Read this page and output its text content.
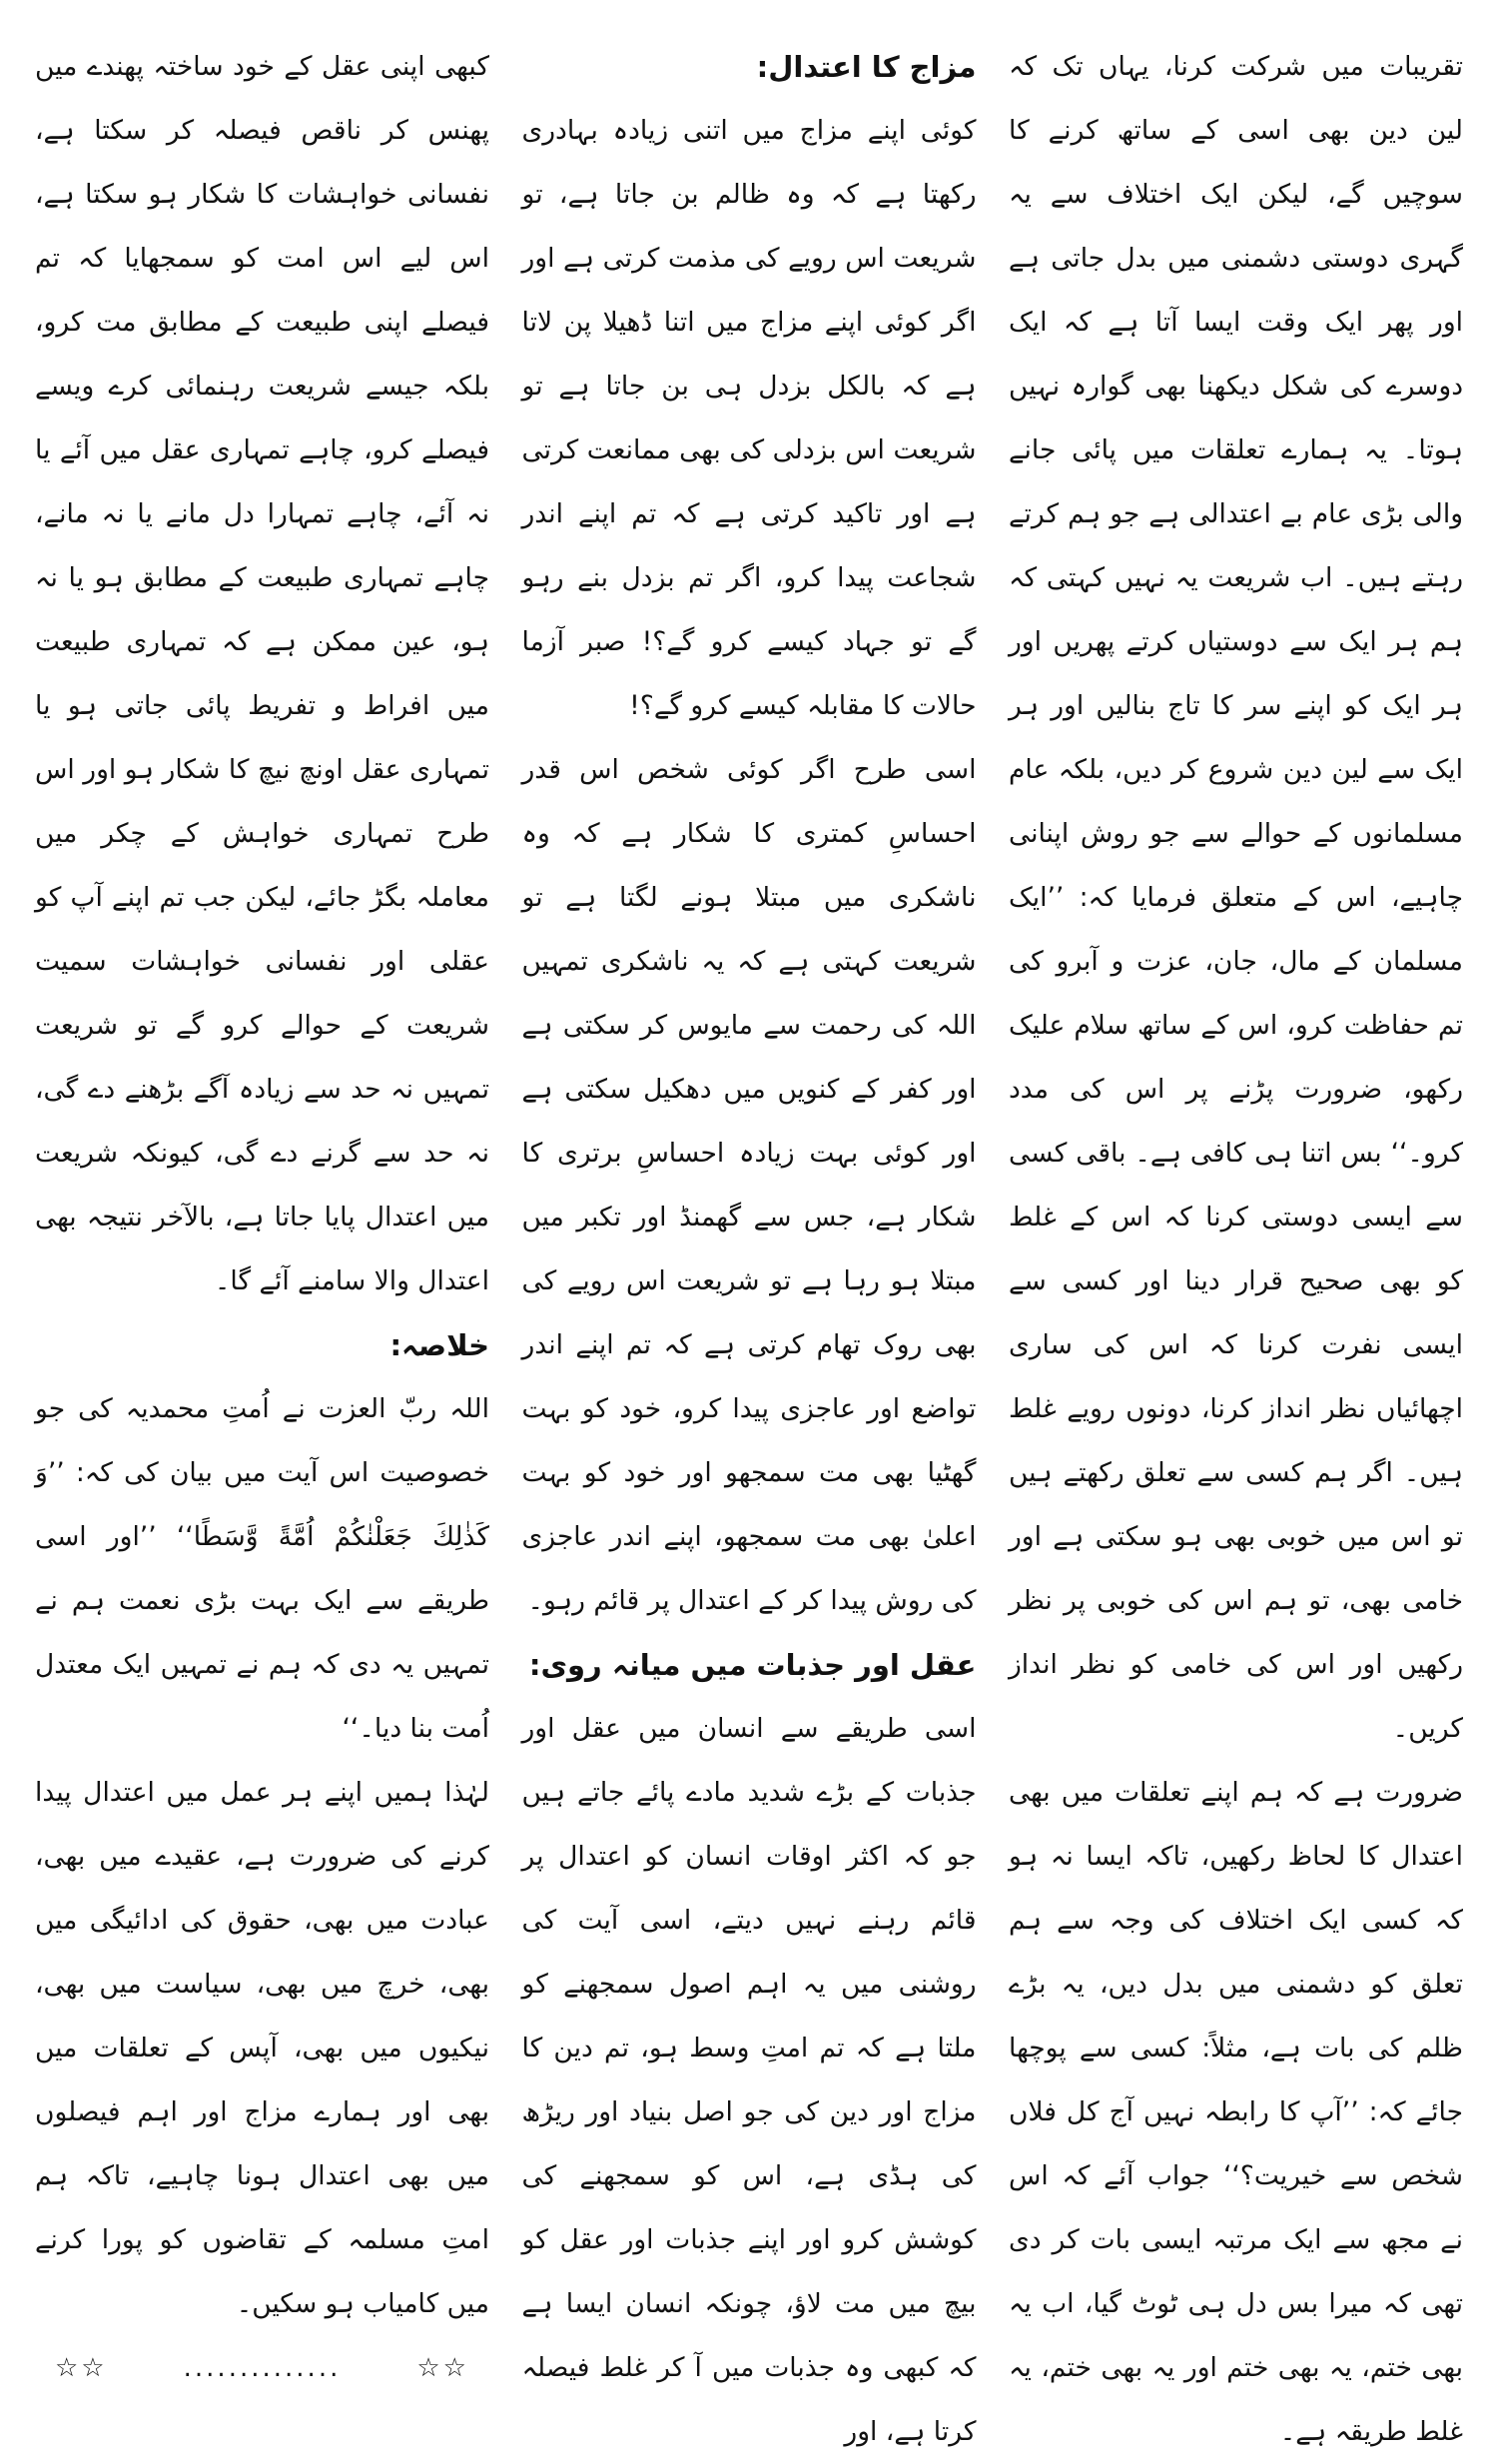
تقریبات میں شرکت کرنا، یہاں تک کہ لین دین بھی اسی کے ساتھ کرنے کا سوچیں گے، لیکن ایک اختلاف سے یہ گہری دوستی دشمنی میں بدل جاتی ہے اور پھر ایک وقت ایسا آتا ہے کہ ایک دوسرے کی شکل دیکھنا بھی گوارہ نہیں ہوتا۔ یہ ہمارے تعلقات میں پائی جانے والی بڑی عام بے اعتدالی ہے جو ہم کرتے رہتے ہیں۔ اب شریعت یہ نہیں کہتی کہ ہم ہر ایک سے دوستیاں کرتے پھریں اور ہر ایک کو اپنے سر کا تاج بنالیں اور ہر ایک سے لین دین شروع کر دیں، بلکہ عام مسلمانوں کے حوالے سے جو روش اپنانی چاہیے، اس کے متعلق فرمایا کہ: ’’ایک مسلمان کے مال، جان، عزت و آبرو کی تم حفاظت کرو، اس کے ساتھ سلام علیک رکھو، ضرورت پڑنے پر اس کی مدد کرو۔‘‘ بس اتنا ہی کافی ہے۔ باقی کسی سے ایسی دوستی کرنا کہ اس کے غلط کو بھی صحیح قرار دینا اور کسی سے ایسی نفرت کرنا کہ اس کی ساری اچھائیاں نظر انداز کرنا، دونوں رویے غلط ہیں۔ اگر ہم کسی سے تعلق رکھتے ہیں تو اس میں خوبی بھی ہو سکتی ہے اور خامی بھی، تو ہم اس کی خوبی پر نظر رکھیں اور اس کی خامی کو نظر انداز کریں۔

ضرورت ہے کہ ہم اپنے تعلقات میں بھی اعتدال کا لحاظ رکھیں، تاکہ ایسا نہ ہو کہ کسی ایک اختلاف کی وجہ سے ہم تعلق کو دشمنی میں بدل دیں، یہ بڑے ظلم کی بات ہے، مثلاً: کسی سے پوچھا جائے کہ: ’’آپ کا رابطہ نہیں آج کل فلاں شخص سے خیریت؟‘‘ جواب آئے کہ اس نے مجھ سے ایک مرتبہ ایسی بات کر دی تھی کہ میرا بس دل ہی ٹوٹ گیا، اب یہ بھی ختم، یہ بھی ختم اور یہ بھی ختم، یہ غلط طریقہ ہے۔

مزاج کا اعتدال:

کوئی اپنے مزاج میں اتنی زیادہ بہادری رکھتا ہے کہ وہ ظالم بن جاتا ہے، تو شریعت اس رویے کی مذمت کرتی ہے اور اگر کوئی اپنے مزاج میں اتنا ڈھیلا پن لاتا ہے کہ بالکل بزدل ہی بن جاتا ہے تو شریعت اس بزدلی کی بھی ممانعت کرتی ہے اور تاکید کرتی ہے کہ تم اپنے اندر شجاعت پیدا کرو، اگر تم بزدل بنے رہو گے تو جہاد کیسے کرو گے؟! صبر آزما حالات کا مقابلہ کیسے کرو گے؟!

اسی طرح اگر کوئی شخص اس قدر احساسِ کمتری کا شکار ہے کہ وہ ناشکری میں مبتلا ہونے لگتا ہے تو شریعت کہتی ہے کہ یہ ناشکری تمہیں اللہ کی رحمت سے مایوس کر سکتی ہے اور کفر کے کنویں میں دھکیل سکتی ہے اور کوئی بہت زیادہ احساسِ برتری کا شکار ہے، جس سے گھمنڈ اور تکبر میں مبتلا ہو رہا ہے تو شریعت اس رویے کی بھی روک تھام کرتی ہے کہ تم اپنے اندر تواضع اور عاجزی پیدا کرو، خود کو بہت گھٹیا بھی مت سمجھو اور خود کو بہت اعلیٰ بھی مت سمجھو، اپنے اندر عاجزی کی روش پیدا کر کے اعتدال پر قائم رہو۔

عقل اور جذبات میں میانہ روی:

اسی طریقے سے انسان میں عقل اور جذبات کے بڑے شدید مادے پائے جاتے ہیں جو کہ اکثر اوقات انسان کو اعتدال پر قائم رہنے نہیں دیتے، اسی آیت کی روشنی میں یہ اہم اصول سمجھنے کو ملتا ہے کہ تم امتِ وسط ہو، تم دین کا مزاج اور دین کی جو اصل بنیاد اور ریڑھ کی ہڈی ہے، اس کو سمجھنے کی کوشش کرو اور اپنے جذبات اور عقل کو بیچ میں مت لاؤ، چونکہ انسان ایسا ہے کہ کبھی وہ جذبات میں آ کر غلط فیصلہ کرتا ہے، اور

کبھی اپنی عقل کے خود ساختہ پھندے میں پھنس کر ناقص فیصلہ کر سکتا ہے، نفسانی خواہشات کا شکار ہو سکتا ہے، اس لیے اس امت کو سمجھایا کہ تم فیصلے اپنی طبیعت کے مطابق مت کرو، بلکہ جیسے شریعت رہنمائی کرے ویسے فیصلے کرو، چاہے تمہاری عقل میں آئے یا نہ آئے، چاہے تمہارا دل مانے یا نہ مانے، چاہے تمہاری طبیعت کے مطابق ہو یا نہ ہو، عین ممکن ہے کہ تمہاری طبیعت میں افراط و تفریط پائی جاتی ہو یا تمہاری عقل اونچ نیچ کا شکار ہو اور اس طرح تمہاری خواہش کے چکر میں معاملہ بگڑ جائے، لیکن جب تم اپنے آپ کو عقلی اور نفسانی خواہشات سمیت شریعت کے حوالے کرو گے تو شریعت تمہیں نہ حد سے زیادہ آگے بڑھنے دے گی، نہ حد سے گرنے دے گی، کیونکہ شریعت میں اعتدال پایا جاتا ہے، بالآخر نتیجہ بھی اعتدال والا سامنے آئے گا۔

خلاصہ:

اللہ ربّ العزت نے اُمتِ محمدیہ کی جو خصوصیت اس آیت میں بیان کی کہ: ’’وَ كَذٰلِكَ جَعَلْنٰكُمْ اُمَّةً وَّسَطًا‘‘ ’’اور اسی طریقے سے ایک بہت بڑی نعمت ہم نے تمہیں یہ دی کہ ہم نے تمہیں ایک معتدل اُمت بنا دیا۔‘‘

لہٰذا ہمیں اپنے ہر عمل میں اعتدال پیدا کرنے کی ضرورت ہے، عقیدے میں بھی، عبادت میں بھی، حقوق کی ادائیگی میں بھی، خرچ میں بھی، سیاست میں بھی، نیکیوں میں بھی، آپس کے تعلقات میں بھی اور ہمارے مزاج اور اہم فیصلوں میں بھی اعتدال ہونا چاہیے، تاکہ ہم امتِ مسلمہ کے تقاضوں کو پورا کرنے میں کامیاب ہو سکیں۔

☆☆
..............
☆☆
